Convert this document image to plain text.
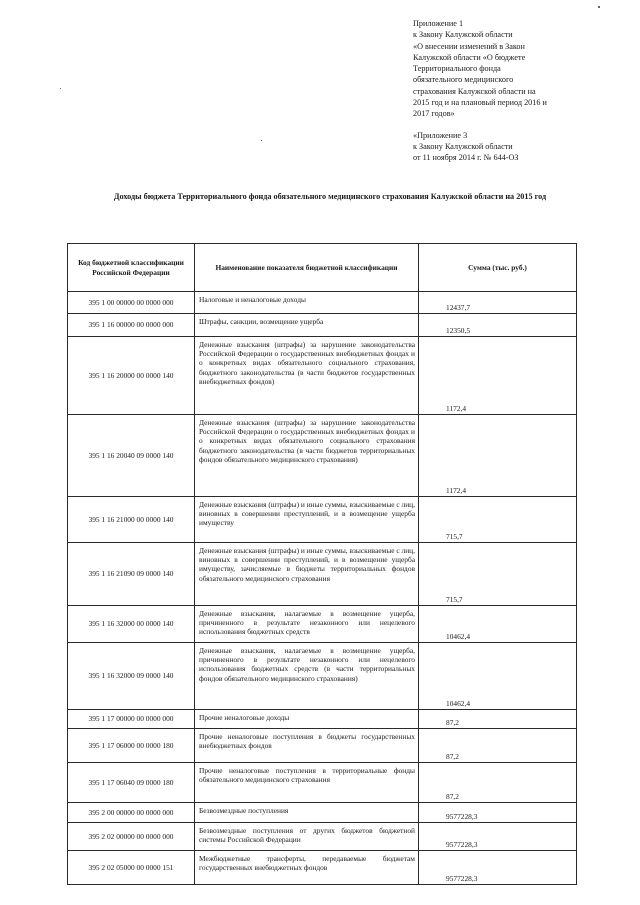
Приложение 1
к Закону Калужской области
«О внесении изменений в Закон
Калужской области «О бюджете
Территориального фонда
обязательного медицинского
страхования Калужской области на
2015 год и на плановый период 2016 и
2017 годов»
«Приложение 3
к Закону Калужской области
от 11 ноября 2014 г. № 644-ОЗ
Доходы бюджета Территориального фонда обязательного медицинского страхования Калужской области на 2015 год
Код бюджетной классификации Российской Федерации	Наименование показателя бюджетной классификации	Сумма (тыс. руб.)
395 1 00 00000 00 0000 000	Налоговые и неналоговые доходы	12437,7
395 1 16 00000 00 0000 000	Штрафы, санкции, возмещение ущерба	12350,5
395 1 16 20000 00 0000 140	Денежные взыскания (штрафы) за нарушение законодательства Российской Федерации о государственных внебюджетных фондах и о конкретных видах обязательного социального страхования, бюджетного законодательства (в части бюджетов государственных внебюджетных фондов)	1172,4
395 1 16 20040 09 0000 140	Денежные взыскания (штрафы) за нарушение законодательства Российской Федерации о государственных внебюджетных фондах и о конкретных видах обязательного социального страхования бюджетного законодательства (в части бюджетов территориальных фондов обязательного медицинского страхования)	1172,4
395 1 16 21000 00 0000 140	Денежные взыскания (штрафы) и иные суммы, взыскиваемые с лиц, виновных в совершении преступлений, и в возмещение ущерба имуществу	715,7
395 1 16 21090 09 0000 140	Денежные взыскания (штрафы) и иные суммы, взыскиваемые с лиц, виновных в совершении преступлений, и в возмещение ущерба имуществу, зачисляемые в бюджеты территориальных фондов обязательного медицинского страхования	715,7
395 1 16 32000 00 0000 140	Денежные взыскания, налагаемые в возмещение ущерба, причиненного в результате незаконного или нецелевого использования бюджетных средств	10462,4
395 1 16 32000 09 0000 140	Денежные взыскания, налагаемые в возмещение ущерба, причиненного в результате незаконного или нецелевого использования бюджетных средств (в части территориальных фондов обязательного медицинского страхования)	10462,4
395 1 17 00000 00 0000 000	Прочие неналоговые доходы	87,2
395 1 17 06000 00 0000 180	Прочие неналоговые поступления в бюджеты государственных внебюджетных фондов	87,2
395 1 17 06040 09 0000 180	Прочие неналоговые поступления в территориальные фонды обязательного медицинского страхования	87,2
395 2 00 00000 00 0000 000	Безвозмездные поступления	9577228,3
395 2 02 00000 00 0000 000	Безвозмездные поступления от других бюджетов бюджетной системы Российской Федерации	9577228,3
395 2 02 05000 00 0000 151	Межбюджетные трансферты, передаваемые бюджетам государственных внебюджетных фондов	9577228,3
